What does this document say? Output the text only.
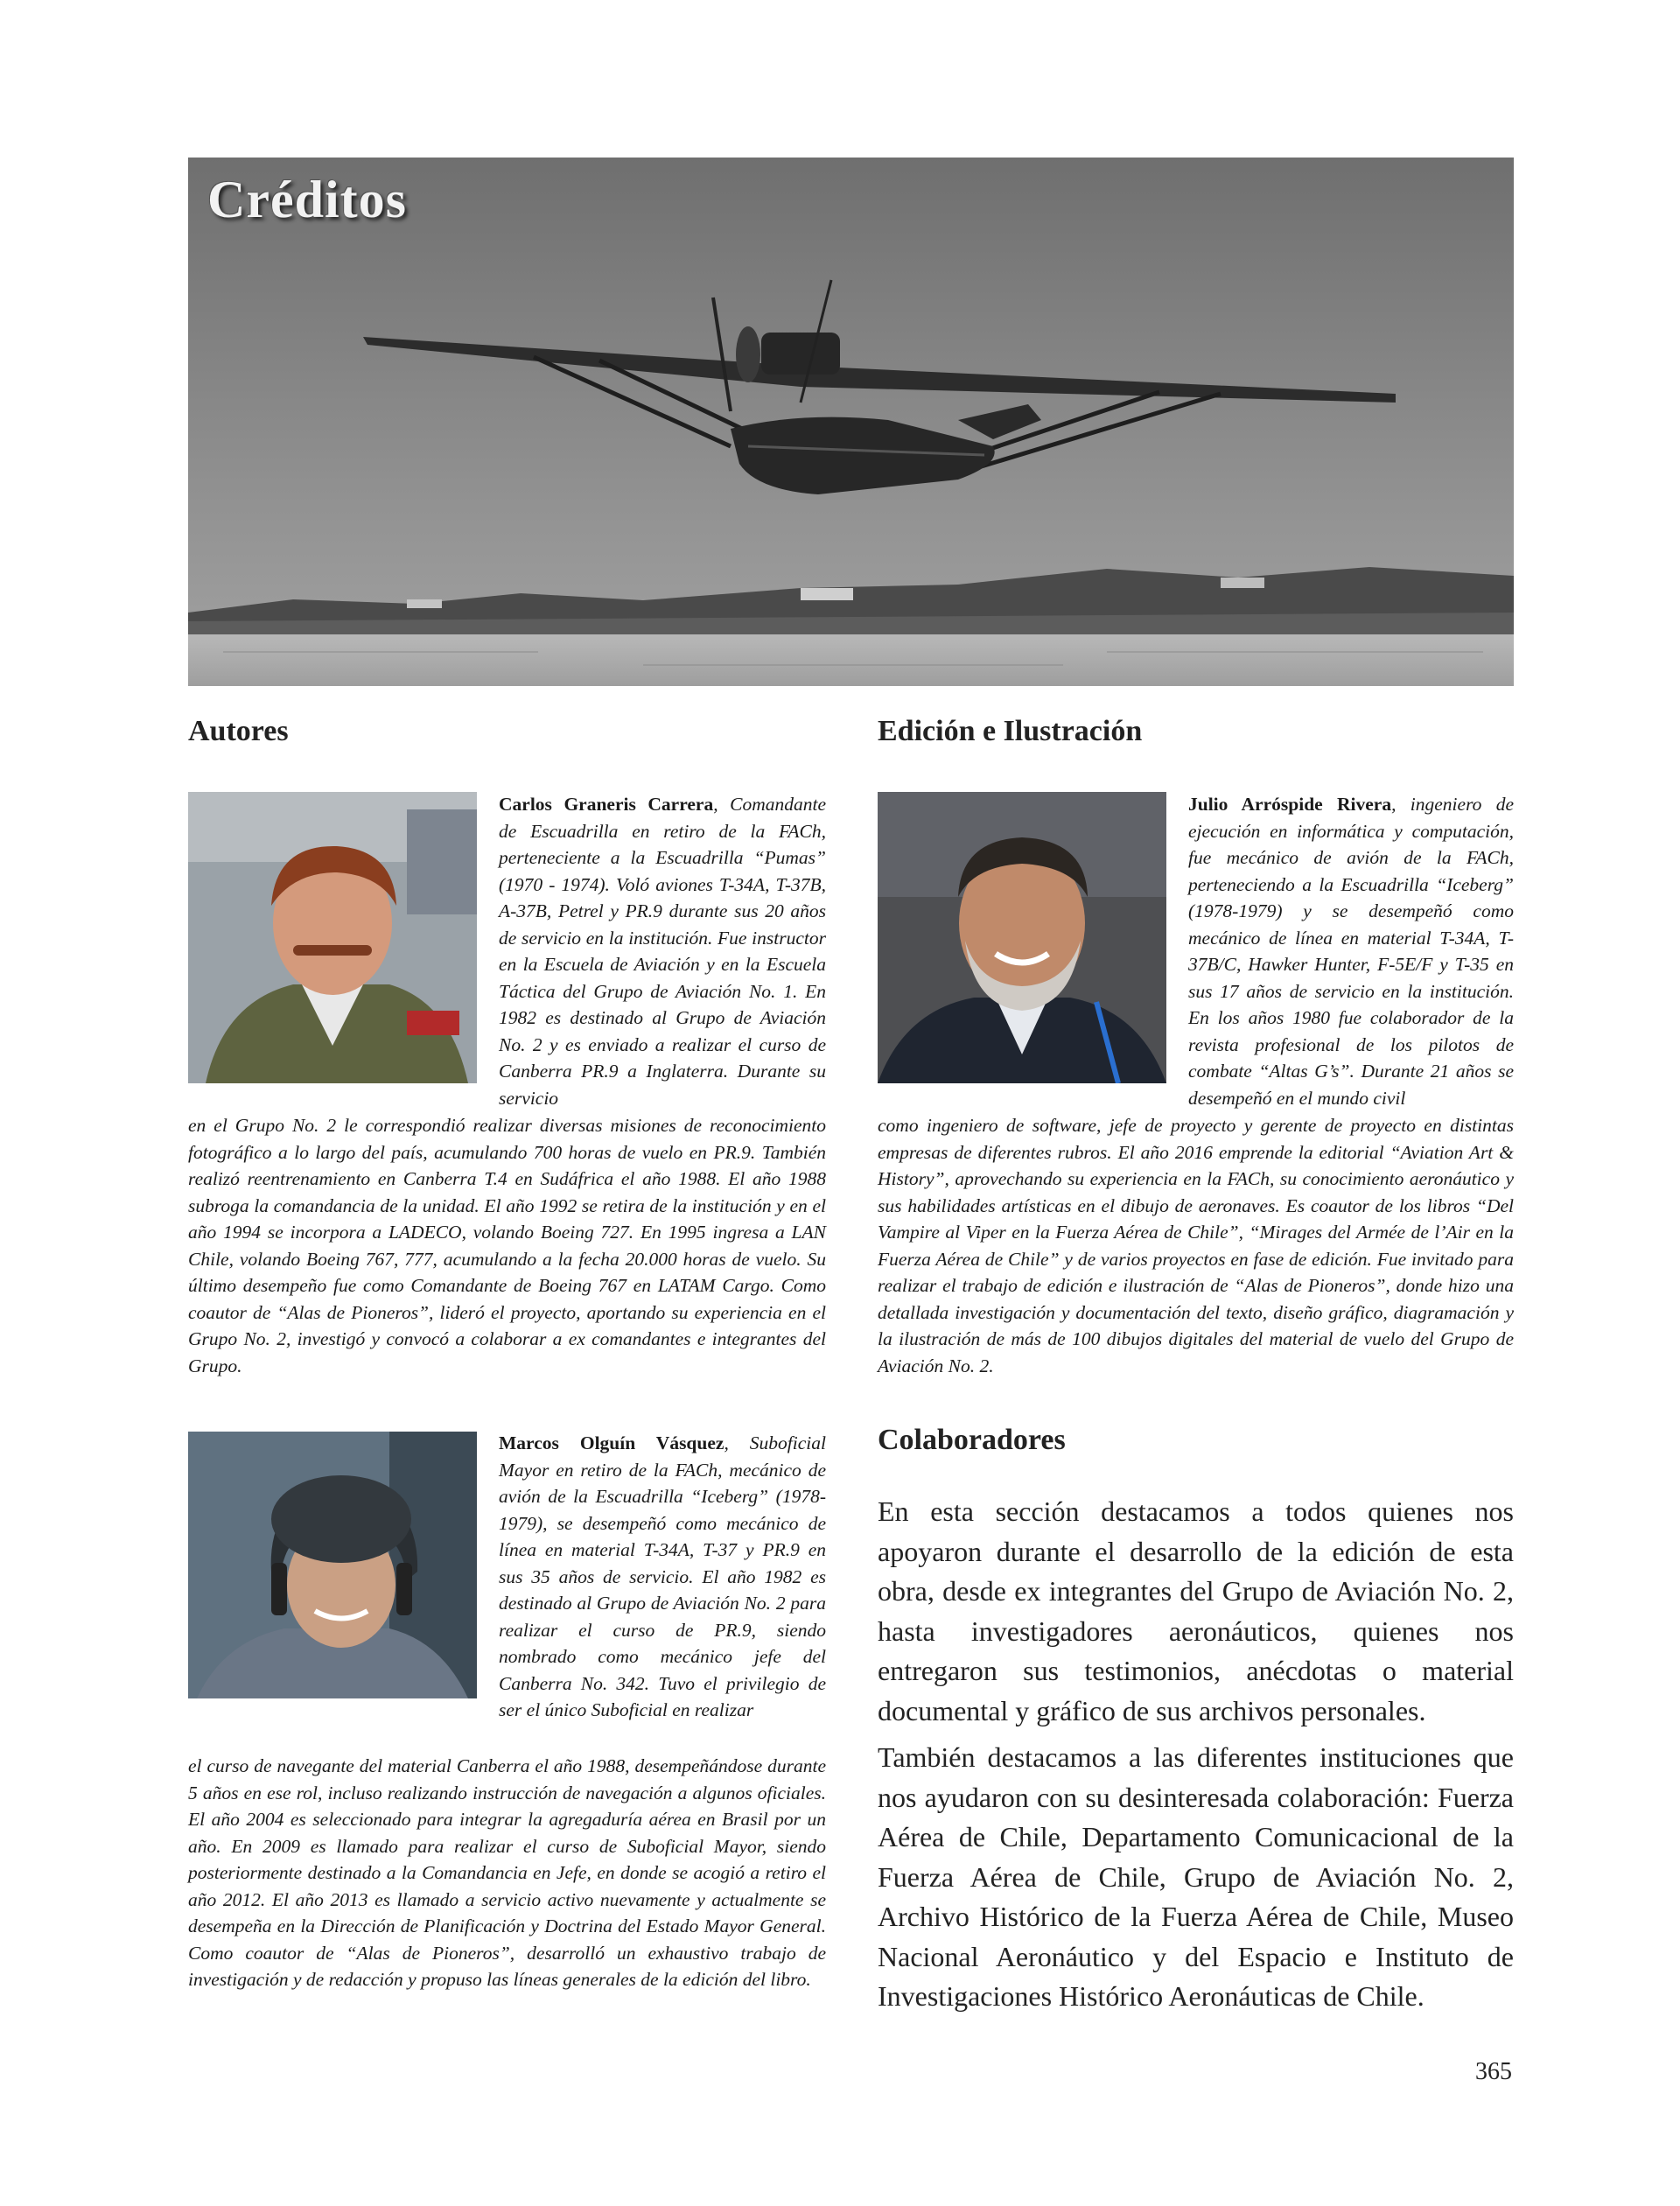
Créditos
Autores	Edición e Ilustración
Colaboradores
Carlos Graneris Carrera, Comandante de Escuadrilla en retiro de la FACh, perteneciente a la Escuadrilla “Pumas” (1970 - 1974). Voló aviones T-34A, T-37B, A-37B, Petrel y PR.9 durante sus 20 años de servicio en la institución. Fue instructor en la Escuela de Aviación y en la Escuela Táctica del Grupo de Aviación No. 1. En 1982 es destinado al Grupo de Aviación No. 2 y es enviado a realizar el curso de Canberra PR.9 a Inglaterra. Durante su servicio
en el Grupo No. 2 le correspondió realizar diversas misiones de reconocimiento fotográfico a lo largo del país, acumulando 700 horas de vuelo en PR.9. También realizó reentrenamiento en Canberra T.4 en Sudáfrica el año 1988. El año 1988 subroga la comandancia de la unidad. El año 1992 se retira de la institución y en el año 1994 se incorpora a LADECO, volando Boeing 727. En 1995 ingresa a LAN Chile, volando Boeing 767, 777, acumulando a la fecha 20.000 horas de vuelo. Su último desempeño fue como Comandante de Boeing 767 en LATAM Cargo. Como coautor de “Alas de Pioneros”, lideró el proyecto, aportando su experiencia en el Grupo No. 2, investigó y convocó a colaborar a ex comandantes e integrantes del Grupo.
Marcos Olguín Vásquez, Suboficial Mayor en retiro de la FACh, mecánico de avión de la Escuadrilla “Iceberg” (1978-1979), se desempeñó como mecánico de línea en material T-34A, T-37 y PR.9 en sus 35 años de servicio. El año 1982 es destinado al Grupo de Aviación No. 2 para realizar el curso de PR.9, siendo nombrado como mecánico jefe del Canberra No. 342. Tuvo el privilegio de ser el único Suboficial en realizar
el curso de navegante del material Canberra el año 1988, desempeñándose durante 5 años en ese rol, incluso realizando instrucción de navegación a algunos oficiales. El año 2004 es seleccionado para integrar la agregaduría aérea en Brasil por un año. En 2009 es llamado para realizar el curso de Suboficial Mayor, siendo posteriormente destinado a la Comandancia en Jefe, en donde se acogió a retiro el año 2012. El año 2013 es llamado a servicio activo nuevamente y actualmente se desempeña en la Dirección de Planificación y Doctrina del Estado Mayor General. Como coautor de “Alas de Pioneros”, desarrolló un exhaustivo trabajo de investigación y de redacción y propuso las líneas generales de la edición del libro.
Julio Arróspide Rivera, ingeniero de ejecución en informática y computación, fue mecánico de avión de la FACh, perteneciendo a la Escuadrilla “Iceberg” (1978-1979) y se desempeñó como mecánico de línea en material T-34A, T-37B/C, Hawker Hunter, F-5E/F y T-35 en sus 17 años de servicio en la institución. En los años 1980 fue colaborador de la revista profesional de los pilotos de combate “Altas G’s”. Durante 21 años se desempeñó en el mundo civil
como ingeniero de software, jefe de proyecto y gerente de proyecto en distintas empresas de diferentes rubros. El año 2016 emprende la editorial “Aviation Art & History”, aprovechando su experiencia en la FACh, su conocimiento aeronáutico y sus habilidades artísticas en el dibujo de aeronaves. Es coautor de los libros “Del Vampire al Viper en la Fuerza Aérea de Chile”, “Mirages del Armée de l’Air en la Fuerza Aérea de Chile” y de varios proyectos en fase de edición. Fue invitado para realizar el trabajo de edición e ilustración de “Alas de Pioneros”, donde hizo una detallada investigación y documentación del texto, diseño gráfico, diagramación y la ilustración de más de 100 dibujos digitales del material de vuelo del Grupo de Aviación No. 2.
En esta sección destacamos a todos quienes nos apoyaron durante el desarrollo de la edición de esta obra, desde ex integrantes del Grupo de Aviación No. 2, hasta investigadores aeronáuticos, quienes nos entregaron sus testimonios, anécdotas o material documental y gráfico de sus archivos personales.
También destacamos a las diferentes instituciones que nos ayudaron con su desinteresada colaboración: Fuerza Aérea de Chile, Departamento Comunicacional de la Fuerza Aérea de Chile, Grupo de Aviación No. 2, Archivo Histórico de la Fuerza Aérea de Chile, Museo Nacional Aeronáutico y del Espacio e Instituto de Investigaciones Histórico Aeronáuticas de Chile.
365
